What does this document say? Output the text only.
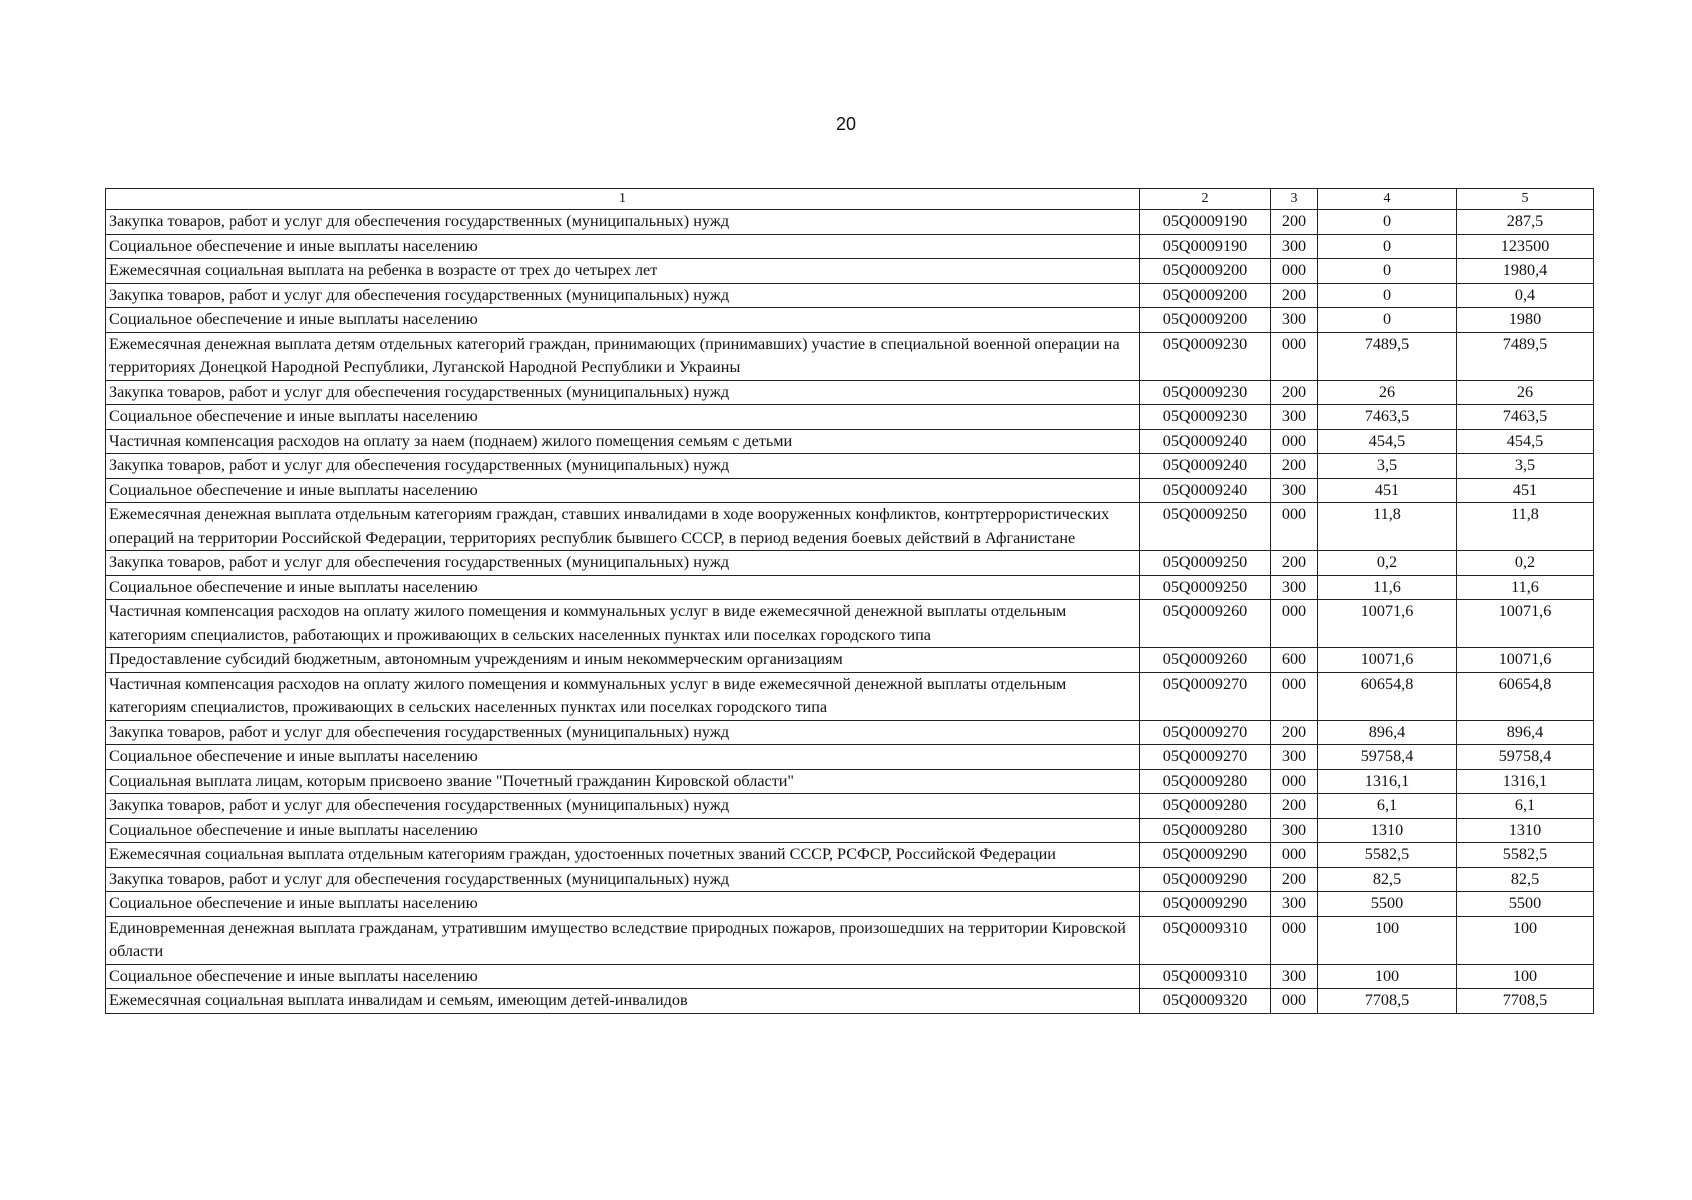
20
1	2	3	4	5
Закупка товаров, работ и услуг для обеспечения государственных (муниципальных) нужд	05Q0009190	200	0	287,5
Социальное обеспечение и иные выплаты населению	05Q0009190	300	0	123500
Ежемесячная социальная выплата на ребенка в возрасте от трех до четырех лет	05Q0009200	000	0	1980,4
Закупка товаров, работ и услуг для обеспечения государственных (муниципальных) нужд	05Q0009200	200	0	0,4
Социальное обеспечение и иные выплаты населению	05Q0009200	300	0	1980
Ежемесячная денежная выплата детям отдельных категорий граждан, принимающих (принимавших) участие в специальной военной операции на территориях Донецкой Народной Республики, Луганской Народной Республики и Украины	05Q0009230	000	7489,5	7489,5
Закупка товаров, работ и услуг для обеспечения государственных (муниципальных) нужд	05Q0009230	200	26	26
Социальное обеспечение и иные выплаты населению	05Q0009230	300	7463,5	7463,5
Частичная компенсация расходов на оплату за наем (поднаем) жилого помещения семьям с детьми	05Q0009240	000	454,5	454,5
Закупка товаров, работ и услуг для обеспечения государственных (муниципальных) нужд	05Q0009240	200	3,5	3,5
Социальное обеспечение и иные выплаты населению	05Q0009240	300	451	451
Ежемесячная денежная выплата отдельным категориям граждан, ставших инвалидами в ходе вооруженных конфликтов, контртеррористических операций на территории Российской Федерации, территориях республик бывшего СССР, в период ведения боевых действий в Афганистане	05Q0009250	000	11,8	11,8
Закупка товаров, работ и услуг для обеспечения государственных (муниципальных) нужд	05Q0009250	200	0,2	0,2
Социальное обеспечение и иные выплаты населению	05Q0009250	300	11,6	11,6
Частичная компенсация расходов на оплату жилого помещения и коммунальных услуг в виде ежемесячной денежной выплаты отдельным категориям специалистов, работающих и проживающих в сельских населенных пунктах или поселках городского типа	05Q0009260	000	10071,6	10071,6
Предоставление субсидий бюджетным, автономным учреждениям и иным некоммерческим организациям	05Q0009260	600	10071,6	10071,6
Частичная компенсация расходов на оплату жилого помещения и коммунальных услуг в виде ежемесячной денежной выплаты отдельным категориям специалистов, проживающих в сельских населенных пунктах или поселках городского типа	05Q0009270	000	60654,8	60654,8
Закупка товаров, работ и услуг для обеспечения государственных (муниципальных) нужд	05Q0009270	200	896,4	896,4
Социальное обеспечение и иные выплаты населению	05Q0009270	300	59758,4	59758,4
Социальная выплата лицам, которым присвоено звание "Почетный гражданин Кировской области"	05Q0009280	000	1316,1	1316,1
Закупка товаров, работ и услуг для обеспечения государственных (муниципальных) нужд	05Q0009280	200	6,1	6,1
Социальное обеспечение и иные выплаты населению	05Q0009280	300	1310	1310
Ежемесячная социальная выплата отдельным категориям граждан, удостоенных почетных званий СССР, РСФСР, Российской Федерации	05Q0009290	000	5582,5	5582,5
Закупка товаров, работ и услуг для обеспечения государственных (муниципальных) нужд	05Q0009290	200	82,5	82,5
Социальное обеспечение и иные выплаты населению	05Q0009290	300	5500	5500
Единовременная денежная выплата гражданам, утратившим имущество вследствие природных пожаров, произошедших на территории Кировской области	05Q0009310	000	100	100
Социальное обеспечение и иные выплаты населению	05Q0009310	300	100	100
Ежемесячная социальная выплата инвалидам и семьям, имеющим детей-инвалидов	05Q0009320	000	7708,5	7708,5
